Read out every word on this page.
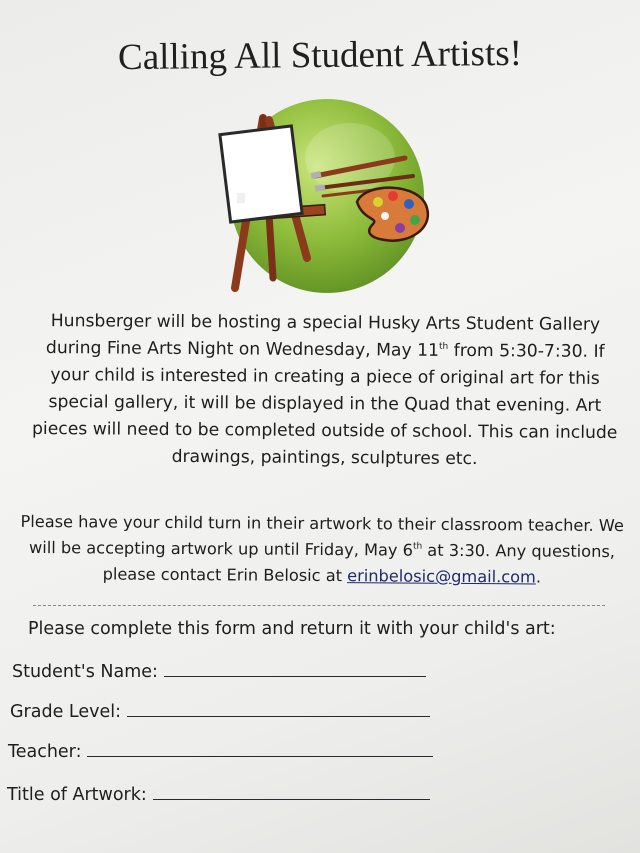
Calling All Student Artists!
Hunsberger will be hosting a special Husky Arts Student Gallery during Fine Arts Night on Wednesday, May 11th from 5:30-7:30. If your child is interested in creating a piece of original art for this special gallery, it will be displayed in the Quad that evening. Art pieces will need to be completed outside of school. This can include drawings, paintings, sculptures etc.
Please have your child turn in their artwork to their classroom teacher. We will be accepting artwork up until Friday, May 6th at 3:30. Any questions, please contact Erin Belosic at erinbelosic@gmail.com.
Please complete this form and return it with your child's art:
Student's Name:
Grade Level:
Teacher:
Title of Artwork:
